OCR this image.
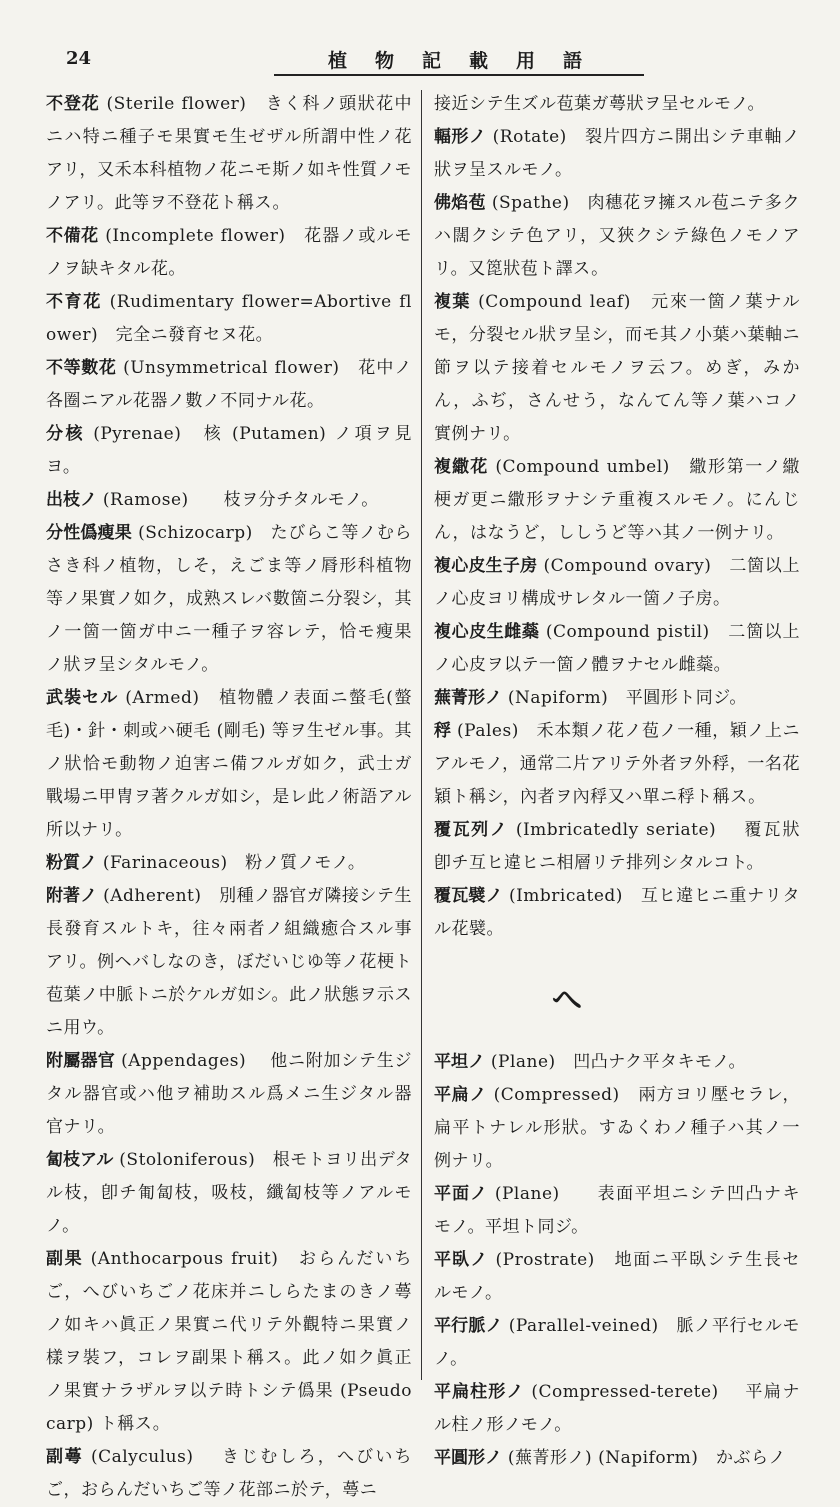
24	植物記載用語
不登花 (Sterile flower)　きく科ノ頭狀花中ニハ特ニ種子モ果實モ生ゼザル所謂中性ノ花アリ，又禾本科植物ノ花ニモ斯ノ如キ性質ノモノアリ。此等ヲ不登花ト稱ス。
不備花 (Incomplete flower)　花器ノ或ルモノヲ缺キタル花。
不育花 (Rudimentary flower=Abortive flower)　完全ニ發育セヌ花。
不等數花 (Unsymmetrical flower)　花中ノ各圈ニアル花器ノ數ノ不同ナル花。
分核 (Pyrenae)　核 (Putamen) ノ項ヲ見ヨ。
出枝ノ (Ramose)　　枝ヲ分チタルモノ。
分性僞瘦果 (Schizocarp)　たびらこ等ノむらさき科ノ植物，しそ，えごま等ノ脣形科植物等ノ果實ノ如ク，成熟スレバ數箇ニ分裂シ，其ノ一箇一箇ガ中ニ一種子ヲ容レテ，恰モ瘦果ノ狀ヲ呈シタルモノ。
武裝セル (Armed)　植物體ノ表面ニ螫毛(螫毛)・針・刺或ハ硬毛 (剛毛) 等ヲ生ゼル事。其ノ狀恰モ動物ノ迫害ニ備フルガ如ク，武士ガ戰場ニ甲冑ヲ著クルガ如シ，是レ此ノ術語アル所以ナリ。
粉質ノ (Farinaceous)　粉ノ質ノモノ。
附著ノ (Adherent)　別種ノ器官ガ隣接シテ生長發育スルトキ，往々兩者ノ組織癒合スル事アリ。例ヘバしなのき，ぼだいじゆ等ノ花梗ト苞葉ノ中脈トニ於ケルガ如シ。此ノ狀態ヲ示スニ用ウ。
附屬器官 (Appendages)　 他ニ附加シテ生ジタル器官或ハ他ヲ補助スル爲メニ生ジタル器官ナリ。
匐枝アル (Stoloniferous)　根モトヨリ出デタル枝，卽チ匍匐枝，吸枝，纖匐枝等ノアルモノ。
副果 (Anthocarpous fruit)　おらんだいちご，へびいちごノ花床并ニしらたまのきノ蕚ノ如キハ眞正ノ果實ニ代リテ外觀特ニ果實ノ樣ヲ裝フ，コレヲ副果ト稱ス。此ノ如ク眞正ノ果實ナラザルヲ以テ時トシテ僞果 (Pseudocarp) ト稱ス。
副蕚 (Calyculus)　 きじむしろ，へびいちご，おらんだいちご等ノ花部ニ於テ，蕚ニ
接近シテ生ズル苞葉ガ蕚狀ヲ呈セルモノ。
輻形ノ (Rotate)　裂片四方ニ開出シテ車軸ノ狀ヲ呈スルモノ。
佛焰苞 (Spathe)　肉穗花ヲ擁スル苞ニテ多クハ闊クシテ色アリ，又狹クシテ綠色ノモノアリ。又箆狀苞ト譯ス。
複葉 (Compound leaf)　元來一箇ノ葉ナルモ，分裂セル狀ヲ呈シ，而モ其ノ小葉ハ葉軸ニ節ヲ以テ接着セルモノヲ云フ。めぎ，みかん，ふぢ，さんせう，なんてん等ノ葉ハコノ實例ナリ。
複繖花 (Compound umbel)　繖形第一ノ繖梗ガ更ニ繖形ヲナシテ重複スルモノ。にんじん，はなうど，ししうど等ハ其ノ一例ナリ。
複心皮生子房 (Compound ovary)　二箇以上ノ心皮ヨリ構成サレタル一箇ノ子房。
複心皮生雌蘂 (Compound pistil)　二箇以上ノ心皮ヲ以テ一箇ノ體ヲナセル雌蘂。
蕪菁形ノ (Napiform)　平圓形ト同ジ。
稃 (Pales)　禾本類ノ花ノ苞ノ一種，穎ノ上ニアルモノ，通常二片アリテ外者ヲ外稃，一名花穎ト稱シ，內者ヲ內稃又ハ單ニ稃ト稱ス。
覆瓦列ノ (Imbricatedly seriate)　 覆瓦狀卽チ互ヒ違ヒニ相層リテ排列シタルコト。
覆瓦襞ノ (Imbricated)　互ヒ違ヒニ重ナリタル花襞。
へ
平坦ノ (Plane)　凹凸ナク平タキモノ。
平扁ノ (Compressed)　兩方ヨリ壓セラレ，扁平トナレル形狀。すゐくわノ種子ハ其ノ一例ナリ。
平面ノ (Plane)　　表面平坦ニシテ凹凸ナキモノ。平坦ト同ジ。
平臥ノ (Prostrate)　地面ニ平臥シテ生長セルモノ。
平行脈ノ (Parallel-veined)　脈ノ平行セルモノ。
平扁柱形ノ (Compressed-terete)　 平扁ナル柱ノ形ノモノ。
平圓形ノ (蕪菁形ノ) (Napiform)　かぶらノ
